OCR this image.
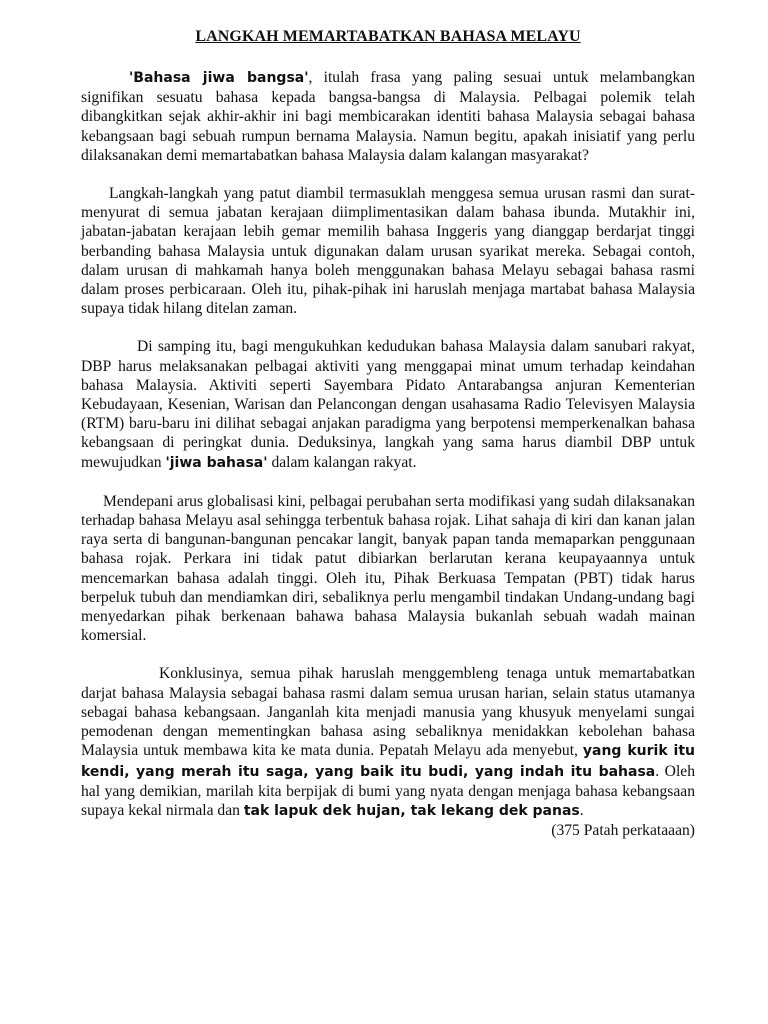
LANGKAH MEMARTABATKAN BAHASA MELAYU
'Bahasa jiwa bangsa', itulah frasa yang paling sesuai untuk melambangkan signifikan sesuatu bahasa kepada bangsa-bangsa di Malaysia. Pelbagai polemik telah dibangkitkan sejak akhir-akhir ini bagi membicarakan identiti bahasa Malaysia sebagai bahasa kebangsaan bagi sebuah rumpun bernama Malaysia. Namun begitu, apakah inisiatif yang perlu dilaksanakan demi memartabatkan bahasa Malaysia dalam kalangan masyarakat?
Langkah-langkah yang patut diambil termasuklah menggesa semua urusan rasmi dan surat-menyurat di semua jabatan kerajaan diimplimentasikan dalam bahasa ibunda. Mutakhir ini, jabatan-jabatan kerajaan lebih gemar memilih bahasa Inggeris yang dianggap berdarjat tinggi berbanding bahasa Malaysia untuk digunakan dalam urusan syarikat mereka. Sebagai contoh, dalam urusan di mahkamah hanya boleh menggunakan bahasa Melayu sebagai bahasa rasmi dalam proses perbicaraan. Oleh itu, pihak-pihak ini haruslah menjaga martabat bahasa Malaysia supaya tidak hilang ditelan zaman.
Di samping itu, bagi mengukuhkan kedudukan bahasa Malaysia dalam sanubari rakyat, DBP harus melaksanakan pelbagai aktiviti yang menggapai minat umum terhadap keindahan bahasa Malaysia. Aktiviti seperti Sayembara Pidato Antarabangsa anjuran Kementerian Kebudayaan, Kesenian, Warisan dan Pelancongan dengan usahasama Radio Televisyen Malaysia (RTM) baru-baru ini dilihat sebagai anjakan paradigma yang berpotensi memperkenalkan bahasa kebangsaan di peringkat dunia. Deduksinya, langkah yang sama harus diambil DBP untuk mewujudkan 'jiwa bahasa' dalam kalangan rakyat.
Mendepani arus globalisasi kini, pelbagai perubahan serta modifikasi yang sudah dilaksanakan terhadap bahasa Melayu asal sehingga terbentuk bahasa rojak. Lihat sahaja di kiri dan kanan jalan raya serta di bangunan-bangunan pencakar langit, banyak papan tanda memaparkan penggunaan bahasa rojak. Perkara ini tidak patut dibiarkan berlarutan kerana keupayaannya untuk mencemarkan bahasa adalah tinggi. Oleh itu, Pihak Berkuasa Tempatan (PBT) tidak harus berpeluk tubuh dan mendiamkan diri, sebaliknya perlu mengambil tindakan Undang-undang bagi menyedarkan pihak berkenaan bahawa bahasa Malaysia bukanlah sebuah wadah mainan komersial.
Konklusinya, semua pihak haruslah menggembleng tenaga untuk memartabatkan darjat bahasa Malaysia sebagai bahasa rasmi dalam semua urusan harian, selain status utamanya sebagai bahasa kebangsaan. Janganlah kita menjadi manusia yang khusyuk menyelami sungai pemodenan dengan mementingkan bahasa asing sebaliknya menidakkan kebolehan bahasa Malaysia untuk membawa kita ke mata dunia. Pepatah Melayu ada menyebut, yang kurik itu kendi, yang merah itu saga, yang baik itu budi, yang indah itu bahasa. Oleh hal yang demikian, marilah kita berpijak di bumi yang nyata dengan menjaga bahasa kebangsaan supaya kekal nirmala dan tak lapuk dek hujan, tak lekang dek panas.
(375 Patah perkataaan)
